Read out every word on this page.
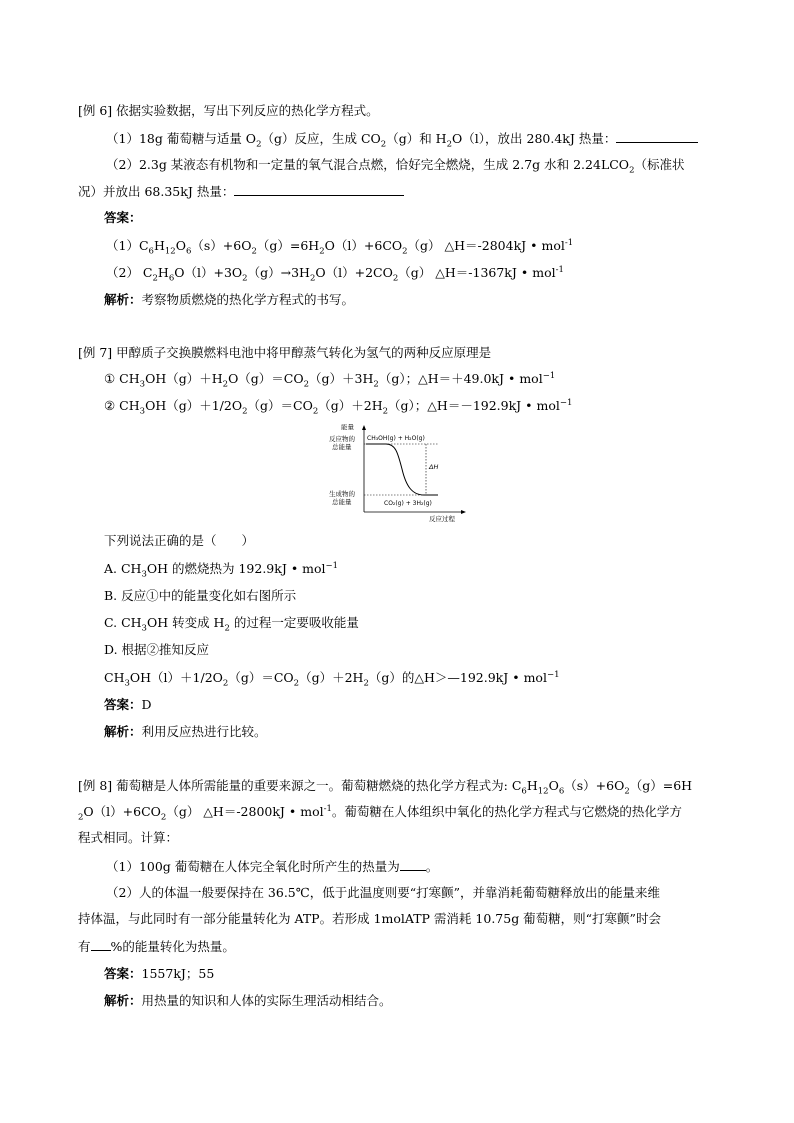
[例 6] 依据实验数据，写出下列反应的热化学方程式。
（1）18g 葡萄糖与适量 $O_2(g)$反应，生成 $CO_2(g)$和 $H_2O(l)$，放出 280.4kJ 热量：
（2）2.3g 某液态有机物和一定量的氧气混合点燃，恰好完全燃烧，生成 2.7g 水和 $2.24LCO_2$（标准状
况）并放出 68.35kJ 热量：
答案：
$(1)C_6H_{12}O_6(s)+6O_2(g)=6H_2O(l)+6CO_2(g)$ △H＝-2804kJ • mol$^{-1}$
（2） $C_2H_6O(l)+3O_2(g)\to 3H_2O(l)+2CO_2(g)$ △H＝-1367kJ • mol$^{-1}$
解析：考察物质燃烧的热化学方程式的书写。
[例 7] 甲醇质子交换膜燃料电池中将甲醇蒸气转化为氢气的两种反应原理是
① $CH_3OH(g)+H_2O(g)=CO_2(g)+3H_2(g)$；△H＝＋49.0kJ • mol$^{-1}$
② $CH_3OH(g)+1/2O_2(g)=CO_2(g)+2H_2(g)$；△H＝－192.9kJ • mol$^{-1}$
能量
反应物的
总能量
生成物的
总能量
CH₃OH(g) + H₂O(g)
CO₂(g) + 3H₂(g)
ΔH
反应过程
下列说法正确的是（　　）
A. $CH_3OH$ 的燃烧热为 192.9kJ • mol$^{-1}$
B. 反应①中的能量变化如右图所示
C. $CH_3OH$ 转变成 $H_2$ 的过程一定要吸收能量
D. 根据②推知反应
$CH_3OH(l)+1/2O_2(g)=CO_2(g)+2H_2(g)$的△H＞—192.9kJ • mol$^{-1}$
答案：D
解析：利用反应热进行比较。
[例 8] 葡萄糖是人体所需能量的重要来源之一。葡萄糖燃烧的热化学方程式为: $C_6H_{12}O_6(s)+6O_2(g)=6H$
$_2O(l)+6CO_2(g)$ △H＝-2800kJ • mol$^{-1}$。葡萄糖在人体组织中氧化的热化学方程式与它燃烧的热化学方
程式相同。计算：
（1）100g 葡萄糖在人体完全氧化时所产生的热量为 。
（2）人的体温一般要保持在 36.5℃，低于此温度则要“打寒颤”，并靠消耗葡萄糖释放出的能量来维
持体温，与此同时有一部分能量转化为 ATP。若形成 1molATP 需消耗 10.75g 葡萄糖，则“打寒颤”时会
有 %的能量转化为热量。
答案：1557kJ；55
解析：用热量的知识和人体的实际生理活动相结合。
